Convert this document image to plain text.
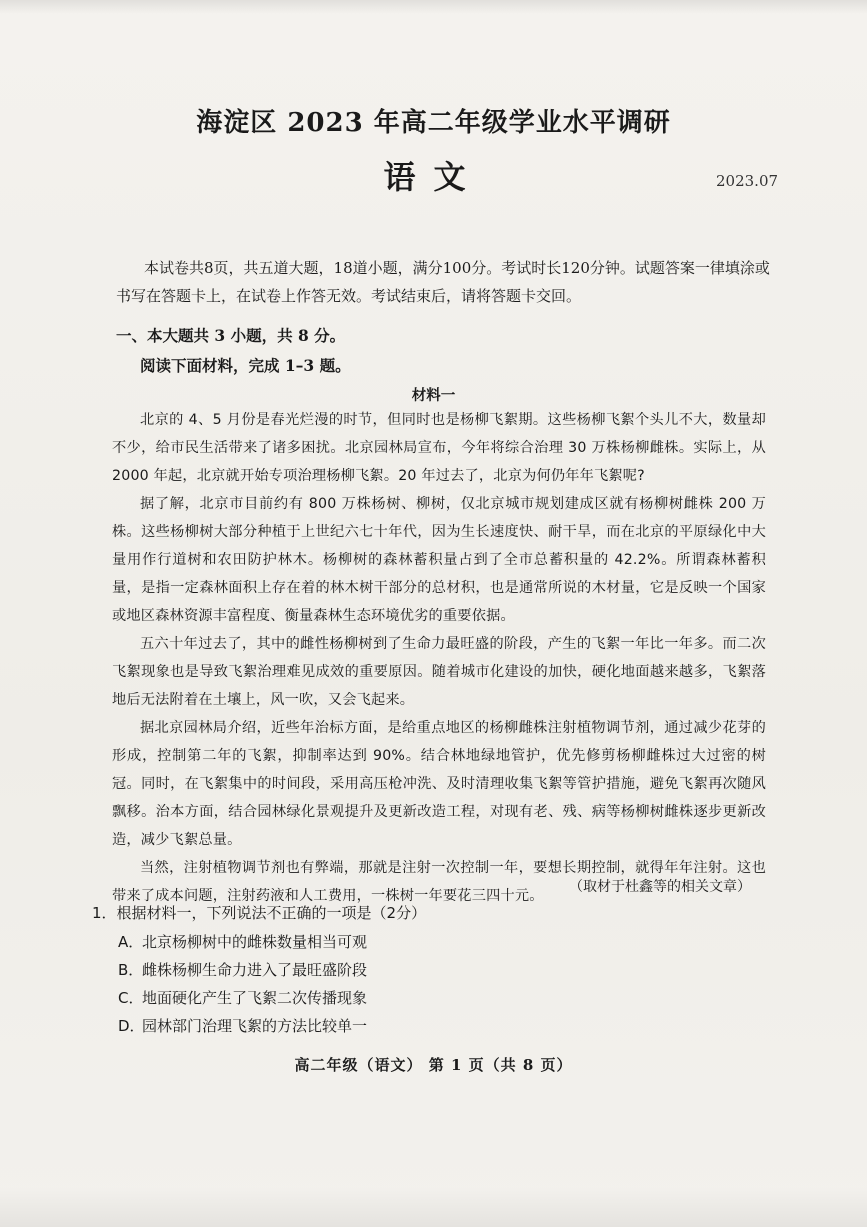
海淀区 2023 年高二年级学业水平调研
语文	2023.07
本试卷共8页，共五道大题，18道小题，满分100分。考试时长120分钟。试题答案一律填涂或书写在答题卡上，在试卷上作答无效。考试结束后，请将答题卡交回。
一、本大题共 3 小题，共 8 分。
阅读下面材料，完成 1–3 题。
材料一

北京的 4、5 月份是春光烂漫的时节，但同时也是杨柳飞絮期。这些杨柳飞絮个头儿不大，数量却不少，给市民生活带来了诸多困扰。北京园林局宣布，今年将综合治理 30 万株杨柳雌株。实际上，从 2000 年起，北京就开始专项治理杨柳飞絮。20 年过去了，北京为何仍年年飞絮呢?

据了解，北京市目前约有 800 万株杨树、柳树，仅北京城市规划建成区就有杨柳树雌株 200 万株。这些杨柳树大部分种植于上世纪六七十年代，因为生长速度快、耐干旱，而在北京的平原绿化中大量用作行道树和农田防护林木。杨柳树的森林蓄积量占到了全市总蓄积量的 42.2%。所谓森林蓄积量，是指一定森林面积上存在着的林木树干部分的总材积，也是通常所说的木材量，它是反映一个国家或地区森林资源丰富程度、衡量森林生态环境优劣的重要依据。

五六十年过去了，其中的雌性杨柳树到了生命力最旺盛的阶段，产生的飞絮一年比一年多。而二次飞絮现象也是导致飞絮治理难见成效的重要原因。随着城市化建设的加快，硬化地面越来越多，飞絮落地后无法附着在土壤上，风一吹，又会飞起来。

据北京园林局介绍，近些年治标方面，是给重点地区的杨柳雌株注射植物调节剂，通过减少花芽的形成，控制第二年的飞絮，抑制率达到 90%。结合林地绿地管护，优先修剪杨柳雌株过大过密的树冠。同时，在飞絮集中的时间段，采用高压枪冲洗、及时清理收集飞絮等管护措施，避免飞絮再次随风飘移。治本方面，结合园林绿化景观提升及更新改造工程，对现有老、残、病等杨柳树雌株逐步更新改造，减少飞絮总量。

当然，注射植物调节剂也有弊端，那就是注射一次控制一年，要想长期控制，就得年年注射。这也带来了成本问题，注射药液和人工费用，一株树一年要花三四十元。

（取材于杜鑫等的相关文章）
1．根据材料一，下列说法不正确的一项是（2分）
A．北京杨柳树中的雌株数量相当可观
B．雌株杨柳生命力进入了最旺盛阶段
C．地面硬化产生了飞絮二次传播现象
D．园林部门治理飞絮的方法比较单一
高二年级（语文） 第 1 页（共 8 页）
